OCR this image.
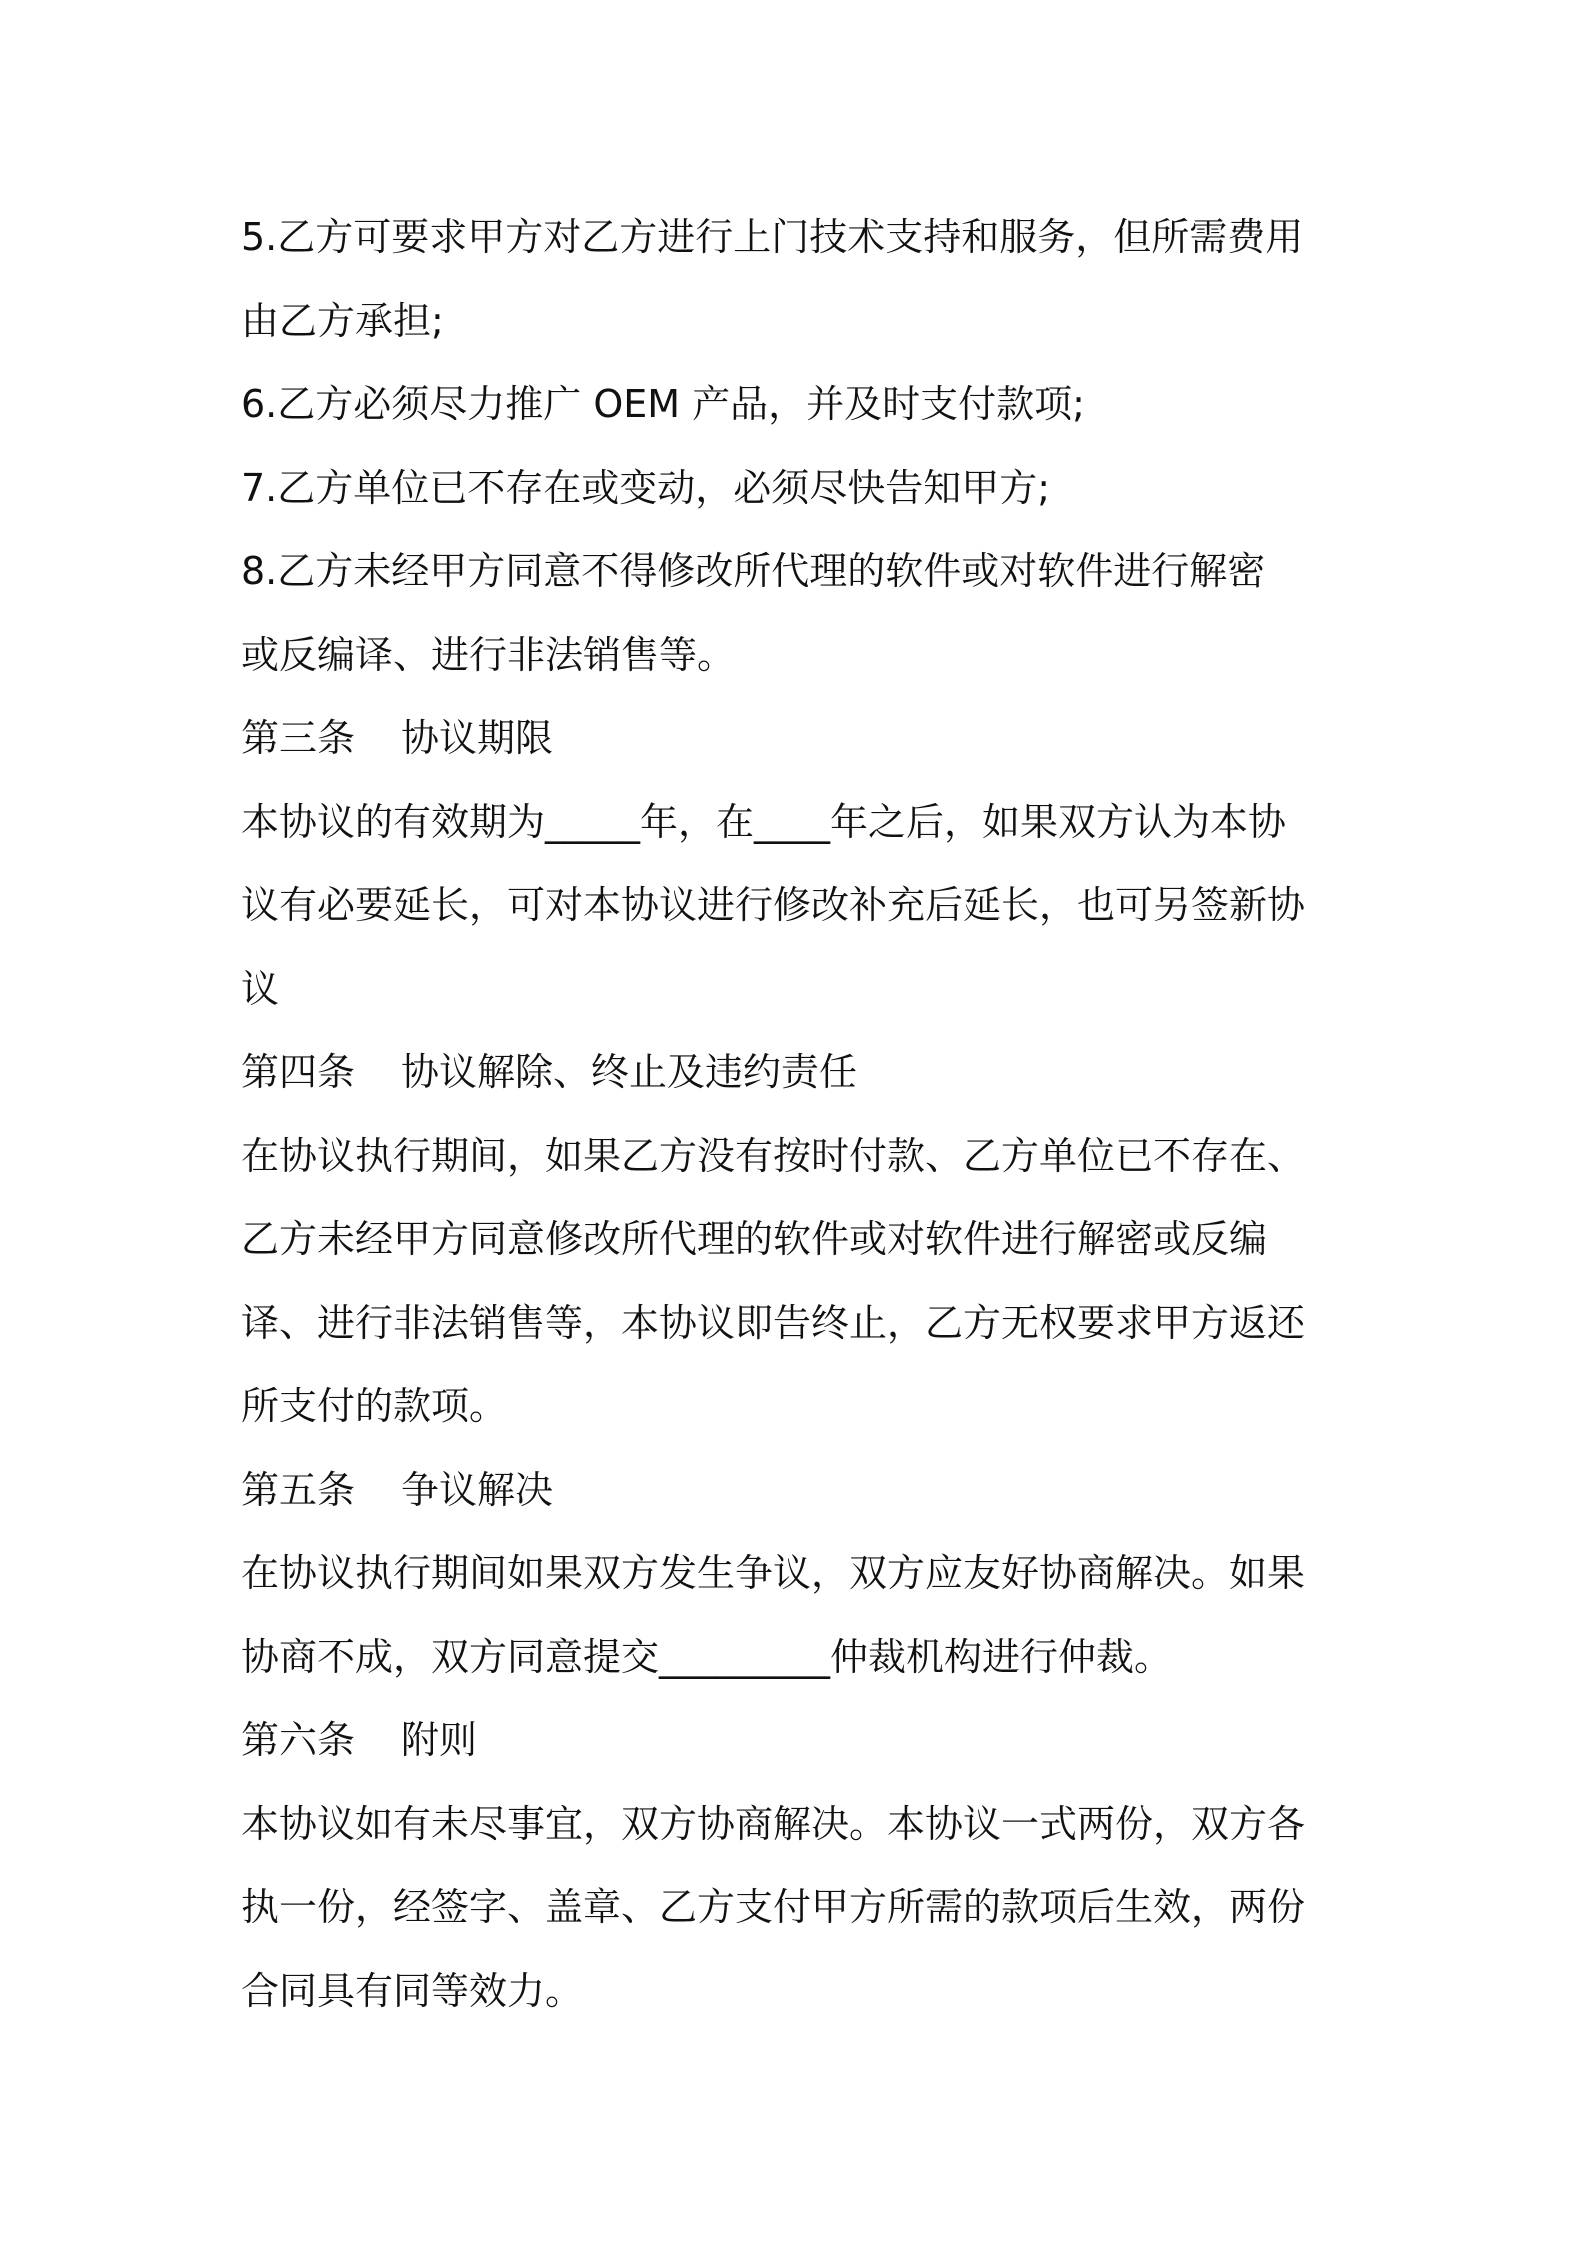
5.乙方可要求甲方对乙方进行上门技术支持和服务，但所需费用
由乙方承担;
6.乙方必须尽力推广 OEM 产品，并及时支付款项;
7.乙方单位已不存在或变动，必须尽快告知甲方;
8.乙方未经甲方同意不得修改所代理的软件或对软件进行解密
或反编译、进行非法销售等。
第三条 协议期限
本协议的有效期为_____年，在____年之后，如果双方认为本协
议有必要延长，可对本协议进行修改补充后延长，也可另签新协
议
第四条 协议解除、终止及违约责任
在协议执行期间，如果乙方没有按时付款、乙方单位已不存在、
乙方未经甲方同意修改所代理的软件或对软件进行解密或反编
译、进行非法销售等，本协议即告终止，乙方无权要求甲方返还
所支付的款项。
第五条 争议解决
在协议执行期间如果双方发生争议，双方应友好协商解决。如果
协商不成，双方同意提交_________仲裁机构进行仲裁。
第六条 附则
本协议如有未尽事宜，双方协商解决。本协议一式两份，双方各
执一份，经签字、盖章、乙方支付甲方所需的款项后生效，两份
合同具有同等效力。
